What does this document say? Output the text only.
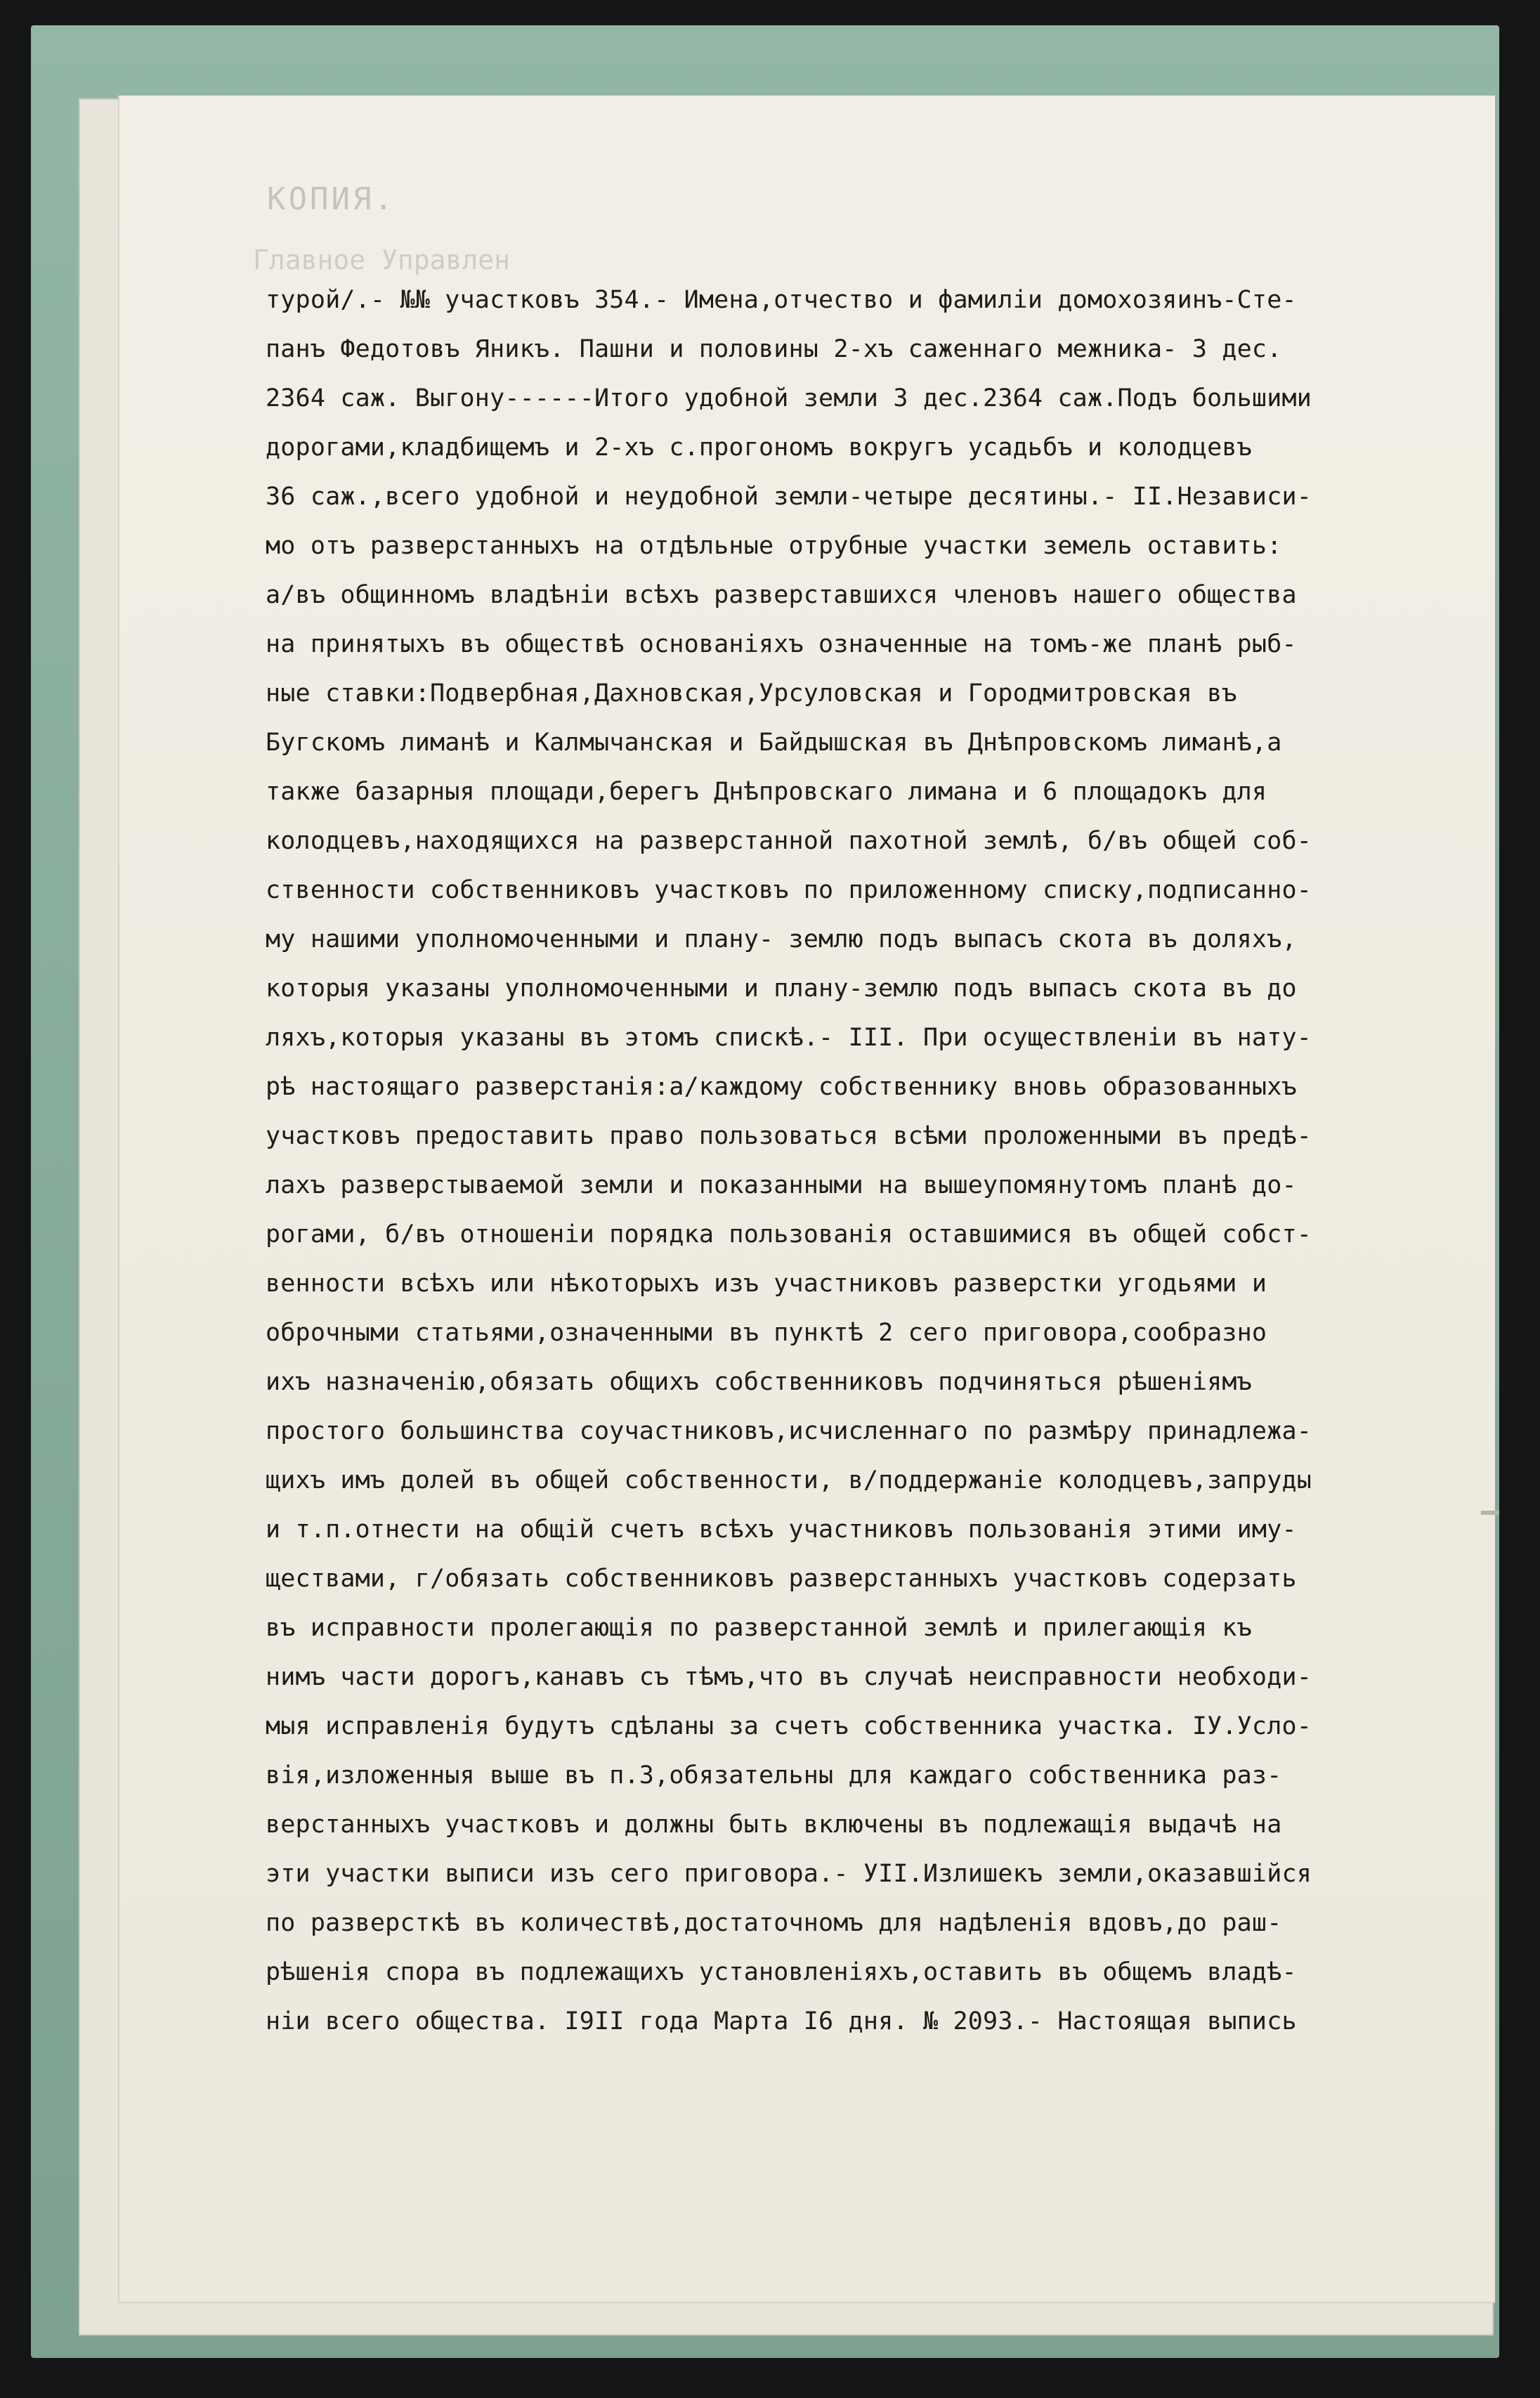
КОПИЯ.
Главное Управлен
турой/.- №№ участковъ 354.- Имена,отчество и фамилiи домохозяинъ-Сте-
панъ Федотовъ Яникъ. Пашни и половины 2-хъ саженнаго межника- 3 дес.
2364 саж. Выгону------Итого удобной земли 3 дес.2364 саж.Подъ большими
дорогами,кладбищемъ и 2-хъ с.прогономъ вокругъ усадьбъ и колодцевъ
36 саж.,всего удобной и неудобной земли-четыре десятины.- II.Независи-
мо отъ разверстанныхъ на отдѣльные отрубные участки земель оставить:
а/въ общинномъ владѣнiи всѣхъ разверставшихся членовъ нашего общества
на принятыхъ въ обществѣ основанiяхъ означенные на томъ-же планѣ рыб-
ные ставки:Подвербная,Дахновская,Урсуловская и Городмитровская въ
Бугскомъ лиманѣ и Калмычанская и Байдышская въ Днѣпровскомъ лиманѣ,а
также базарныя площади,берегъ Днѣпровскаго лимана и 6 площадокъ для
колодцевъ,находящихся на разверстанной пахотной землѣ, б/въ общей соб-
ственности собственниковъ участковъ по приложенному списку,подписанно-
му нашими уполномоченными и плану- землю подъ выпасъ скота въ доляхъ,
которыя указаны уполномоченными и плану-землю подъ выпасъ скота въ до
ляхъ,которыя указаны въ этомъ спискѣ.- III. При осуществленiи въ нату-
рѣ настоящаго разверстанiя:а/каждому собственнику вновь образованныхъ
участковъ предоставить право пользоваться всѣми проложенными въ предѣ-
лахъ разверстываемой земли и показанными на вышеупомянутомъ планѣ до-
рогами, б/въ отношенiи порядка пользованiя оставшимися въ общей собст-
венности всѣхъ или нѣкоторыхъ изъ участниковъ разверстки угодьями и
оброчными статьями,означенными въ пунктѣ 2 сего приговора,сообразно
ихъ назначенiю,обязать общихъ собственниковъ подчиняться рѣшенiямъ
простого большинства соучастниковъ,исчисленнаго по размѣру принадлежа-
щихъ имъ долей въ общей собственности, в/поддержанiе колодцевъ,запруды
и т.п.отнести на общiй счетъ всѣхъ участниковъ пользованiя этими иму-
ществами, г/обязать собственниковъ разверстанныхъ участковъ содерзать
въ исправности пролегающiя по разверстанной землѣ и прилегающiя къ
нимъ части дорогъ,канавъ съ тѣмъ,что въ случаѣ неисправности необходи-
мыя исправленiя будутъ сдѣланы за счетъ собственника участка. IУ.Усло-
вiя,изложенныя выше въ п.3,обязательны для каждаго собственника раз-
верстанныхъ участковъ и должны быть включены въ подлежащiя выдачѣ на
эти участки выписи изъ сего приговора.- УII.Излишекъ земли,оказавшiйся
по разверсткѣ въ количествѣ,достаточномъ для надѣленiя вдовъ,до раш-
рѣшенiя спора въ подлежащихъ установленiяхъ,оставить въ общемъ владѣ-
нiи всего общества. I9II года Марта I6 дня. № 2093.- Настоящая выпись
